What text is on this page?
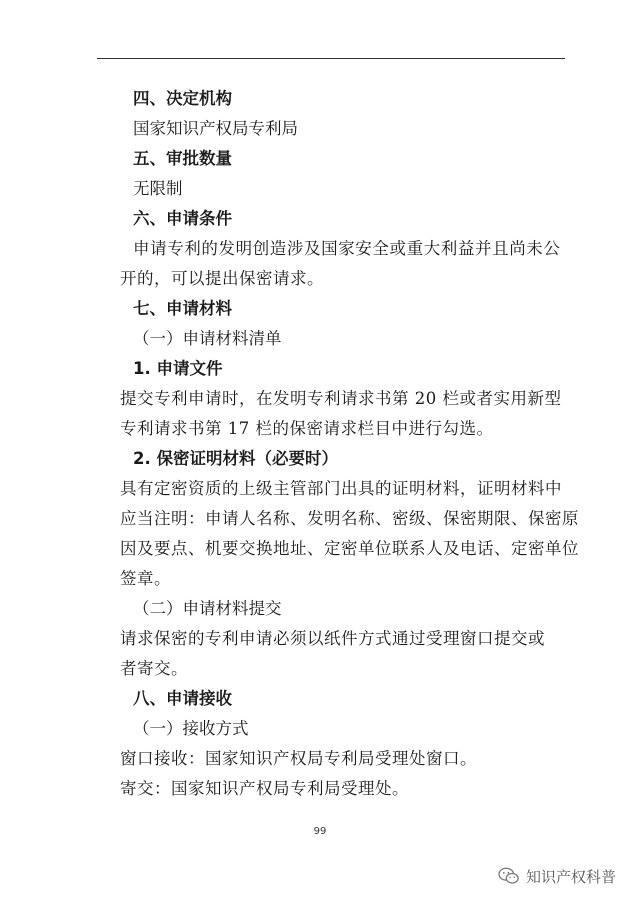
四、决定机构
国家知识产权局专利局
五、审批数量
无限制
六、申请条件
申请专利的发明创造涉及国家安全或重大利益并且尚未公
开的，可以提出保密请求。
七、申请材料
（一）申请材料清单
1. 申请文件
提交专利申请时，在发明专利请求书第 20 栏或者实用新型
专利请求书第 17 栏的保密请求栏目中进行勾选。
2. 保密证明材料（必要时）
具有定密资质的上级主管部门出具的证明材料，证明材料中
应当注明：申请人名称、发明名称、密级、保密期限、保密原
因及要点、机要交换地址、定密单位联系人及电话、定密单位
签章。
（二）申请材料提交
请求保密的专利申请必须以纸件方式通过受理窗口提交或
者寄交。
八、申请接收
（一）接收方式
窗口接收：国家知识产权局专利局受理处窗口。
寄交：国家知识产权局专利局受理处。
99
知识产权科普
